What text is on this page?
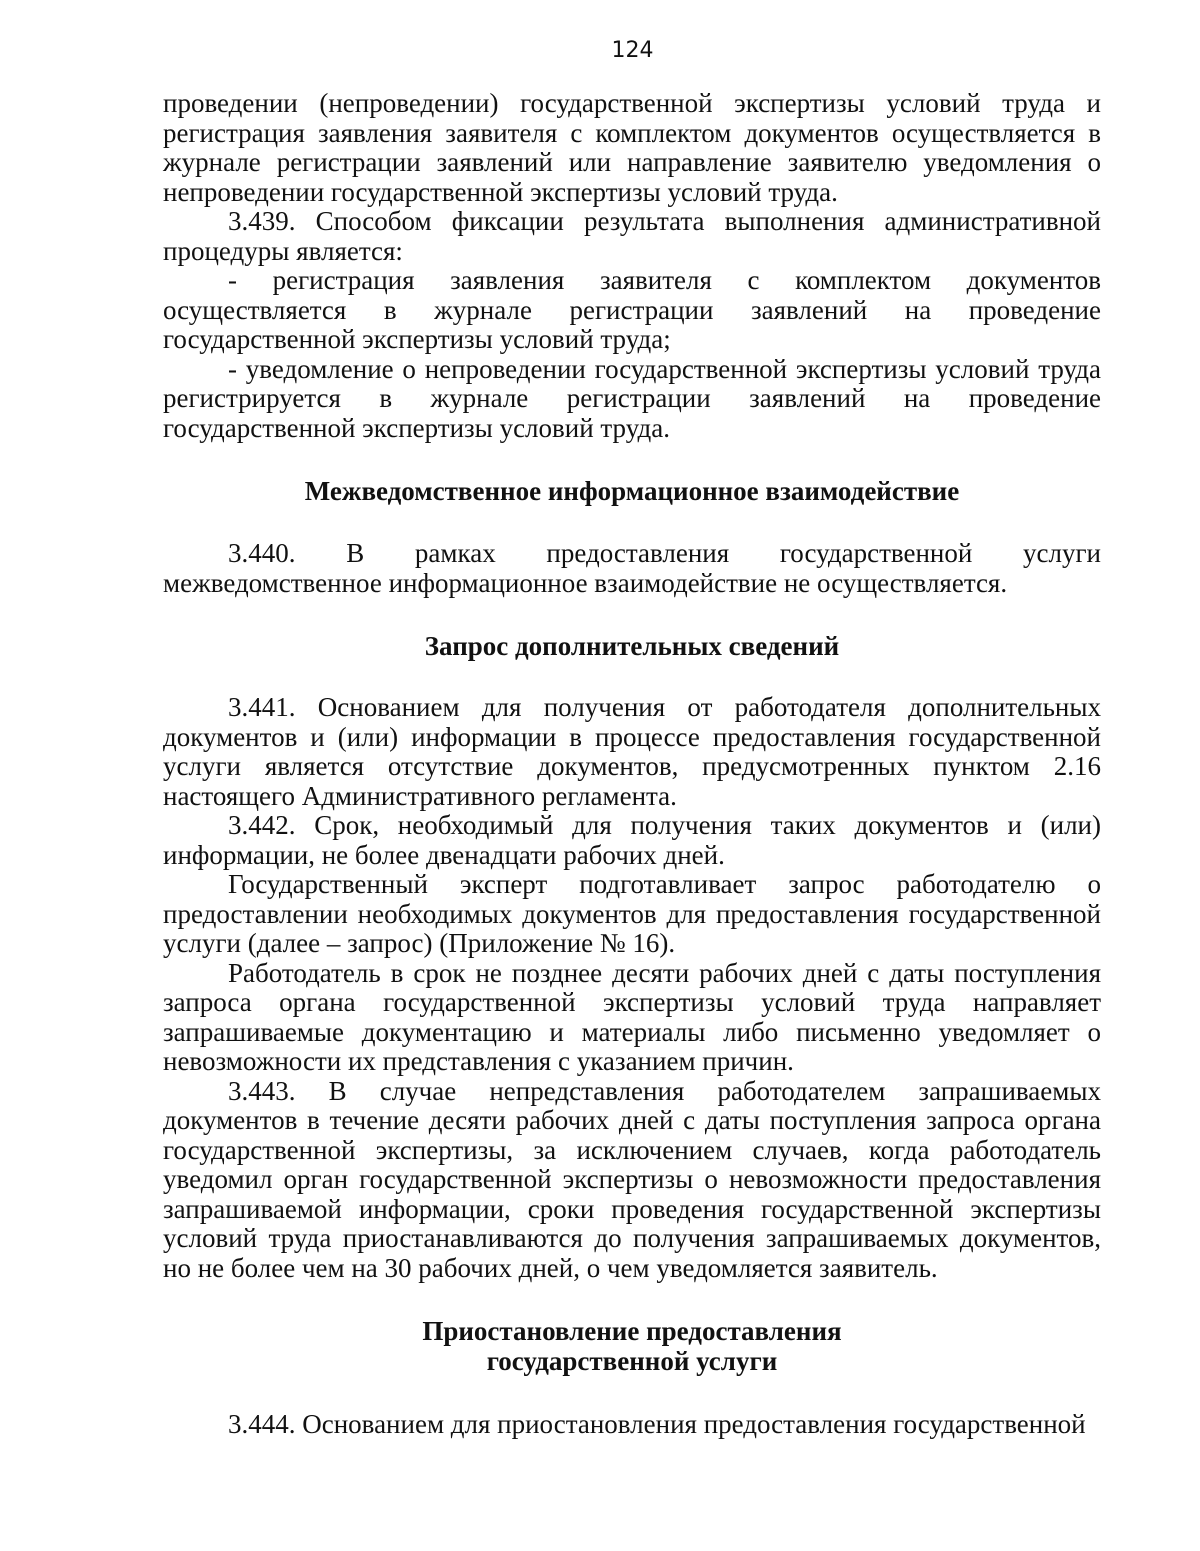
124

проведении (непроведении) государственной экспертизы условий труда и регистрация заявления заявителя с комплектом документов осуществляется в журнале регистрации заявлений или направление заявителю уведомления о непроведении государственной экспертизы условий труда.

3.439. Способом фиксации результата выполнения административной процедуры является:

- регистрация заявления заявителя с комплектом документов осуществляется в журнале регистрации заявлений на проведение государственной экспертизы условий труда;

- уведомление о непроведении государственной экспертизы условий труда регистрируется в журнале регистрации заявлений на проведение государственной экспертизы условий труда.

Межведомственное информационное взаимодействие

3.440. В рамках предоставления государственной услуги межведомственное информационное взаимодействие не осуществляется.

Запрос дополнительных сведений

3.441. Основанием для получения от работодателя дополнительных документов и (или) информации в процессе предоставления государственной услуги является отсутствие документов, предусмотренных пунктом 2.16 настоящего Административного регламента.

3.442. Срок, необходимый для получения таких документов и (или) информации, не более двенадцати рабочих дней.

Государственный эксперт подготавливает запрос работодателю о предоставлении необходимых документов для предоставления государственной услуги (далее – запрос) (Приложение № 16).

Работодатель в срок не позднее десяти рабочих дней с даты поступления запроса органа государственной экспертизы условий труда направляет запрашиваемые документацию и материалы либо письменно уведомляет о невозможности их представления с указанием причин.

3.443. В случае непредставления работодателем запрашиваемых документов в течение десяти рабочих дней с даты поступления запроса органа государственной экспертизы, за исключением случаев, когда работодатель уведомил орган государственной экспертизы о невозможности предоставления запрашиваемой информации, сроки проведения государственной экспертизы условий труда приостанавливаются до получения запрашиваемых документов, но не более чем на 30 рабочих дней, о чем уведомляется заявитель.

Приостановление предоставления
государственной услуги

3.444. Основанием для приостановления предоставления государственной
